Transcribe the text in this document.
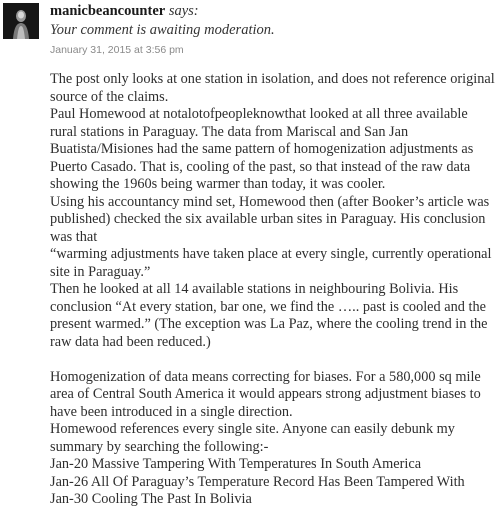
manicbeancounter says:
Your comment is awaiting moderation.
January 31, 2015 at 3:56 pm

The post only looks at one station in isolation, and does not reference original source of the claims.

Paul Homewood at notalotofpeopleknowthat looked at all three available rural stations in Paraguay. The data from Mariscal and San Jan Buatista/Misiones had the same pattern of homogenization adjustments as Puerto Casado. That is, cooling of the past, so that instead of the raw data showing the 1960s being warmer than today, it was cooler.

Using his accountancy mind set, Homewood then (after Booker’s article was published) checked the six available urban sites in Paraguay. His conclusion was that

“warming adjustments have taken place at every single, currently operational site in Paraguay.”

Then he looked at all 14 available stations in neighbouring Bolivia. His conclusion “At every station, bar one, we find the ….. past is cooled and the present warmed.” (The exception was La Paz, where the cooling trend in the raw data had been reduced.)

Homogenization of data means correcting for biases. For a 580,000 sq mile area of Central South America it would appears strong adjustment biases to have been introduced in a single direction.

Homewood references every single site. Anyone can easily debunk my summary by searching the following:-

Jan-20 Massive Tampering With Temperatures In South America

Jan-26 All Of Paraguay’s Temperature Record Has Been Tampered With

Jan-30 Cooling The Past In Bolivia
